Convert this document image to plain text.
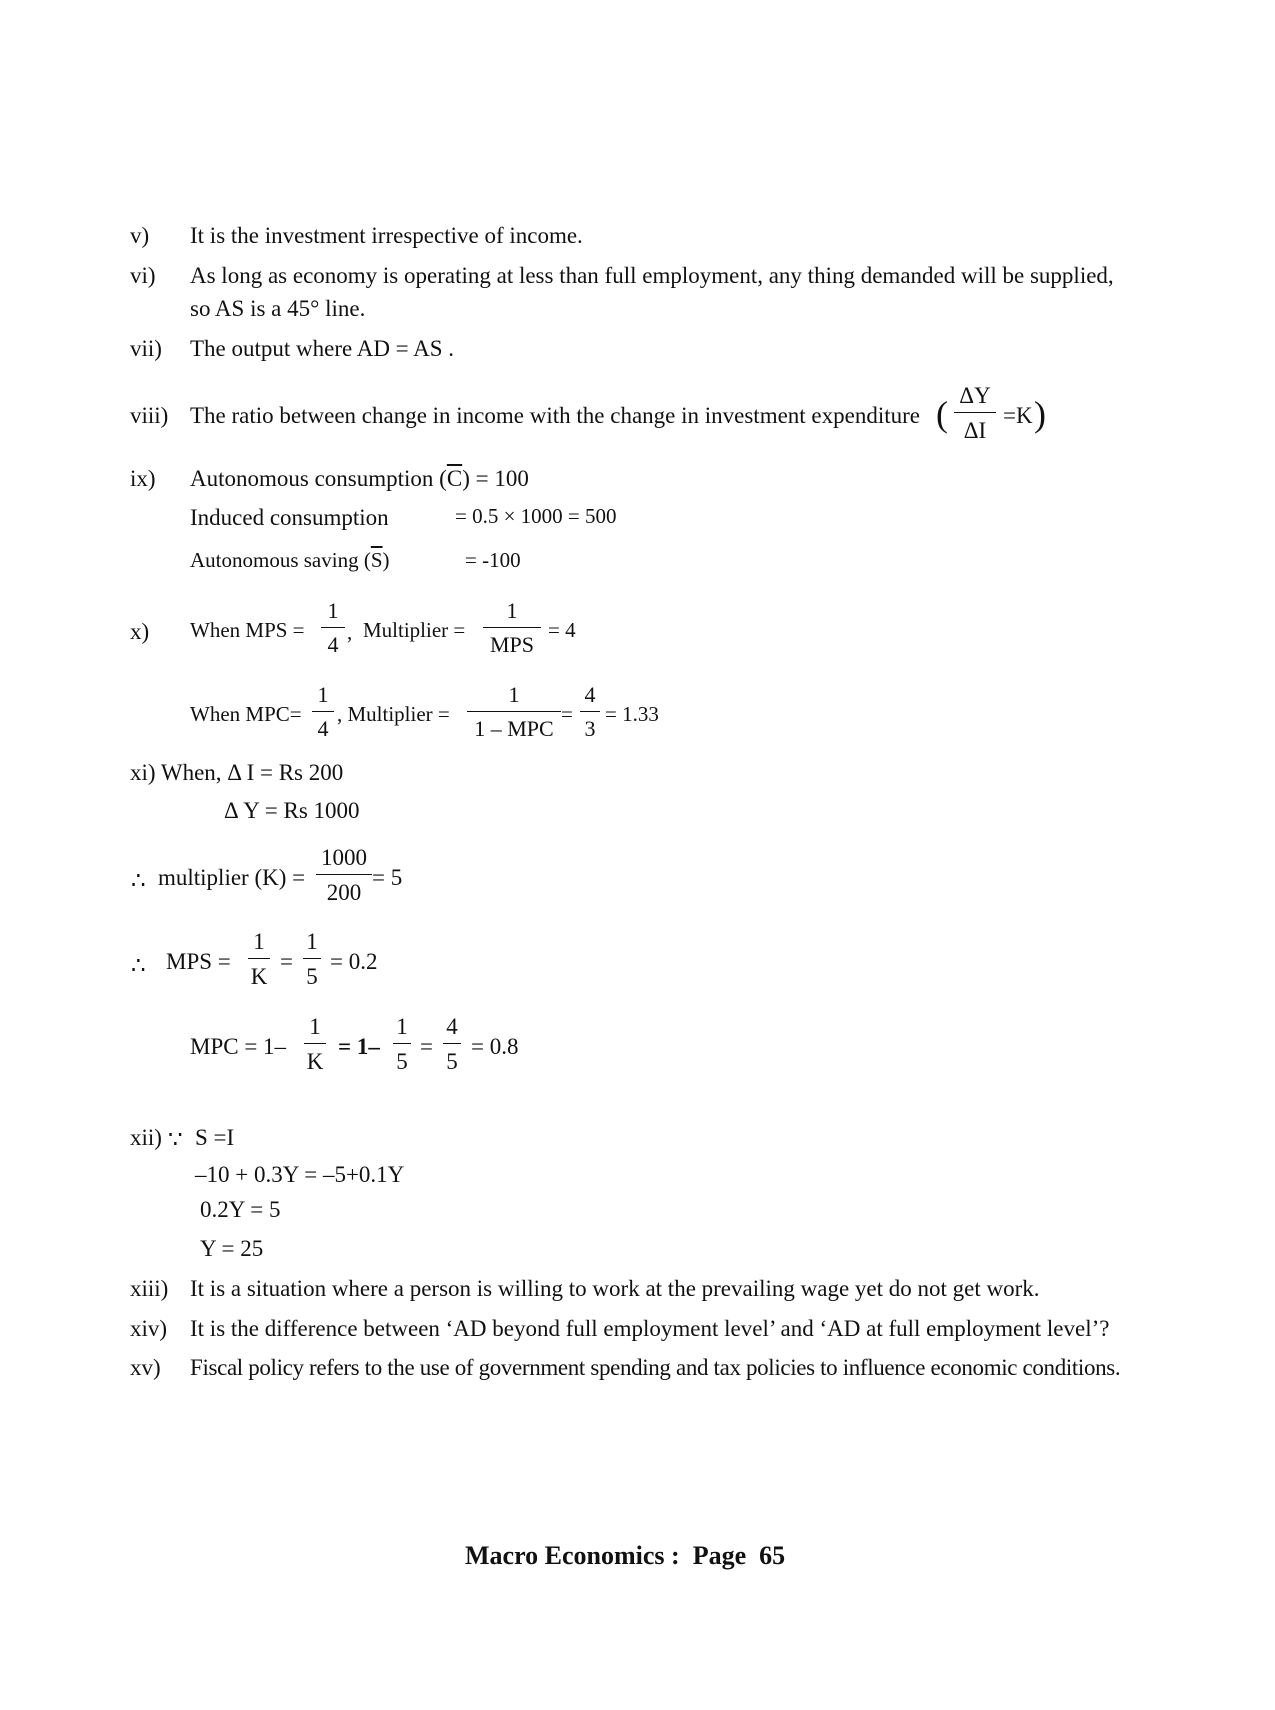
v) It is the investment irrespective of income.
vi) As long as economy is operating at less than full employment, any thing demanded will be supplied,
so AS is a 45° line.
vii) The output where AD = AS .
viii) The ratio between change in income with the change in investment expenditure ( ΔY
ΔI
=K )
ix) Autonomous consumption $(\overline{C}) = 100$
Induced consumption	= 0.5 × 1000 = 500
Autonomous saving $(\overline{S})$	= -100
x) When MPS =
1
4 , Multiplier =
1
MPS
= 4
When MPC=
1
4
, Multiplier =
1
1 – MPC
=
4
3
= 1.33
xi) When, Δ I = Rs 200
Δ Y = Rs 1000
∴ multiplier (K) =
1000
200
= 5
∴ MPS =
1
K
=
1
5
= 0.2
MPC = 1–
1
K
= 1–
1
5
=
4
5
= 0.8
xii) ∵ S =I
–10 + 0.3Y = –5+0.1Y
0.2Y = 5
Y = 25
xiii) It is a situation where a person is willing to work at the prevailing wage yet do not get work.
xiv) It is the difference between ‘AD beyond full employment level’ and ‘AD at full employment level’?
xv) Fiscal policy refers to the use of government spending and tax policies to influence economic conditions.
Macro Economics :  Page  65
